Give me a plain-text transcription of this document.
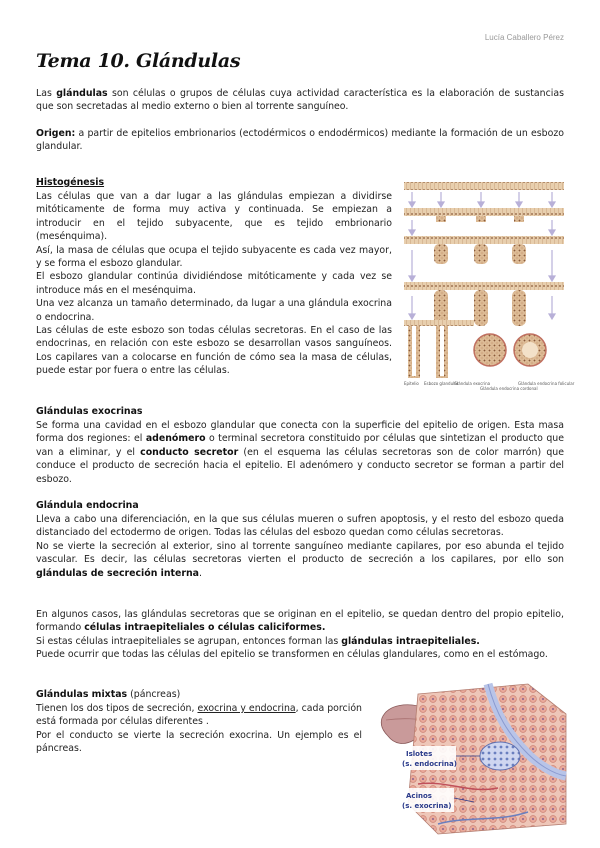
Lucía Caballero Pérez
Tema 10. Glándulas

Las glándulas son células o grupos de células cuya actividad característica es la elaboración de sustancias que son secretadas al medio externo o bien al torrente sanguíneo.

Origen: a partir de epitelios embrionarios (ectodérmicos o endodérmicos) mediante la formación de un esbozo glandular.

Histogénesis

Las células que van a dar lugar a las glándulas empiezan a dividirse mitóticamente de forma muy activa y continuada. Se empiezan a introducir en el tejido subyacente, que es tejido embrionario (mesénquima).

Así, la masa de células que ocupa el tejido subyacente es cada vez mayor, y se forma el esbozo glandular.

El esbozo glandular continúa dividiéndose mitóticamente y cada vez se introduce más en el mesénquima.

Una vez alcanza un tamaño determinado, da lugar a una glándula exocrina o endocrina.

Las células de este esbozo son todas células secretoras. En el caso de las endocrinas, en relación con este esbozo se desarrollan vasos sanguíneos. Los capilares van a colocarse en función de cómo sea la masa de células, puede estar por fuera o entre las células.

Epitelio Esbozo glandular
Glándula exocrina
Glándula endocrina cordonal
Glándula endocrina folicular
Glándulas exocrinas

Se forma una cavidad en el esbozo glandular que conecta con la superficie del epitelio de origen. Esta masa forma dos regiones: el adenómero o terminal secretora constituido por células que sintetizan el producto que van a eliminar, y el conducto secretor (en el esquema las células secretoras son de color marrón) que conduce el producto de secreción hacia el epitelio. El adenómero y conducto secretor se forman a partir del esbozo.

Glándula endocrina

Lleva a cabo una diferenciación, en la que sus células mueren o sufren apoptosis, y el resto del esbozo queda distanciado del ectodermo de origen. Todas las células del esbozo quedan como células secretoras.

No se vierte la secreción al exterior, sino al torrente sanguíneo mediante capilares, por eso abunda el tejido vascular. Es decir, las células secretoras vierten el producto de secreción a los capilares, por ello son glándulas de secreción interna.

En algunos casos, las glándulas secretoras que se originan en el epitelio, se quedan dentro del propio epitelio, formando células intraepiteliales o células caliciformes.

Si estas células intraepiteliales se agrupan, entonces forman las glándulas intraepiteliales.

Puede ocurrir que todas las células del epitelio se transformen en células glandulares, como en el estómago.

Glándulas mixtas (páncreas)

Tienen los dos tipos de secreción, exocrina y endocrina, cada porción está formada por células diferentes .

Por el conducto se vierte la secreción exocrina. Un ejemplo es el páncreas.	Islotes
(s. endocrina)
Acinos
(s. exocrina)
